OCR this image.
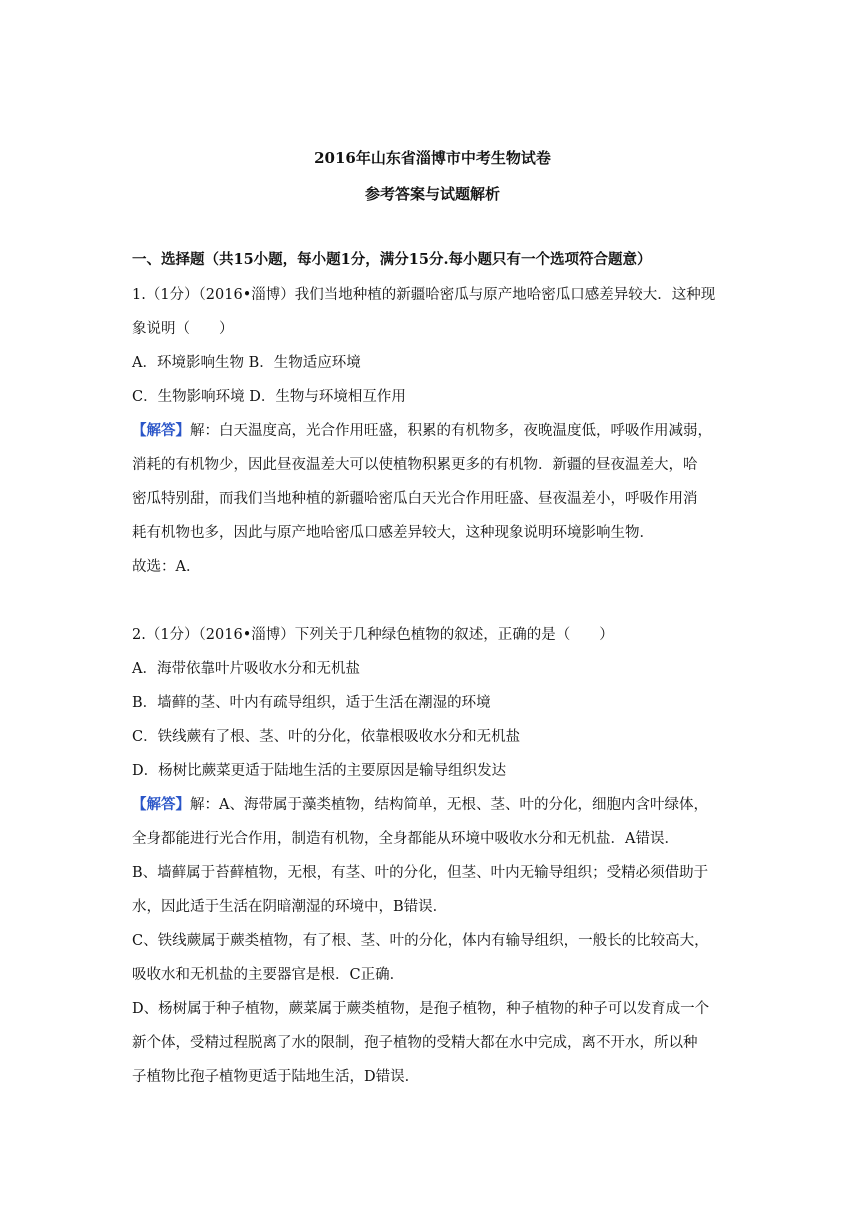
2016年山东省淄博市中考生物试卷
参考答案与试题解析
一、选择题（共15小题，每小题1分，满分15分.每小题只有一个选项符合题意）
1.（1分）（2016•淄博）我们当地种植的新疆哈密瓜与原产地哈密瓜口感差异较大．这种现
象说明（　　）
A．环境影响生物 B．生物适应环境
C．生物影响环境 D．生物与环境相互作用
【解答】解：白天温度高，光合作用旺盛，积累的有机物多，夜晚温度低，呼吸作用减弱，
消耗的有机物少，因此昼夜温差大可以使植物积累更多的有机物．新疆的昼夜温差大，哈
密瓜特别甜，而我们当地种植的新疆哈密瓜白天光合作用旺盛、昼夜温差小，呼吸作用消
耗有机物也多，因此与原产地哈密瓜口感差异较大，这种现象说明环境影响生物．
故选：A．
2.（1分）（2016•淄博）下列关于几种绿色植物的叙述，正确的是（　　）
A．海带依靠叶片吸收水分和无机盐
B．墙藓的茎、叶内有疏导组织，适于生活在潮湿的环境
C．铁线蕨有了根、茎、叶的分化，依靠根吸收水分和无机盐
D．杨树比蕨菜更适于陆地生活的主要原因是输导组织发达
【解答】解：A、海带属于藻类植物，结构简单，无根、茎、叶的分化，细胞内含叶绿体，
全身都能进行光合作用，制造有机物，全身都能从环境中吸收水分和无机盐．A错误．
B、墙藓属于苔藓植物，无根，有茎、叶的分化，但茎、叶内无输导组织；受精必须借助于
水，因此适于生活在阴暗潮湿的环境中，B错误．
C、铁线蕨属于蕨类植物，有了根、茎、叶的分化，体内有输导组织，一般长的比较高大，
吸收水和无机盐的主要器官是根．C正确．
D、杨树属于种子植物，蕨菜属于蕨类植物，是孢子植物，种子植物的种子可以发育成一个
新个体，受精过程脱离了水的限制，孢子植物的受精大都在水中完成，离不开水，所以种
子植物比孢子植物更适于陆地生活，D错误．
